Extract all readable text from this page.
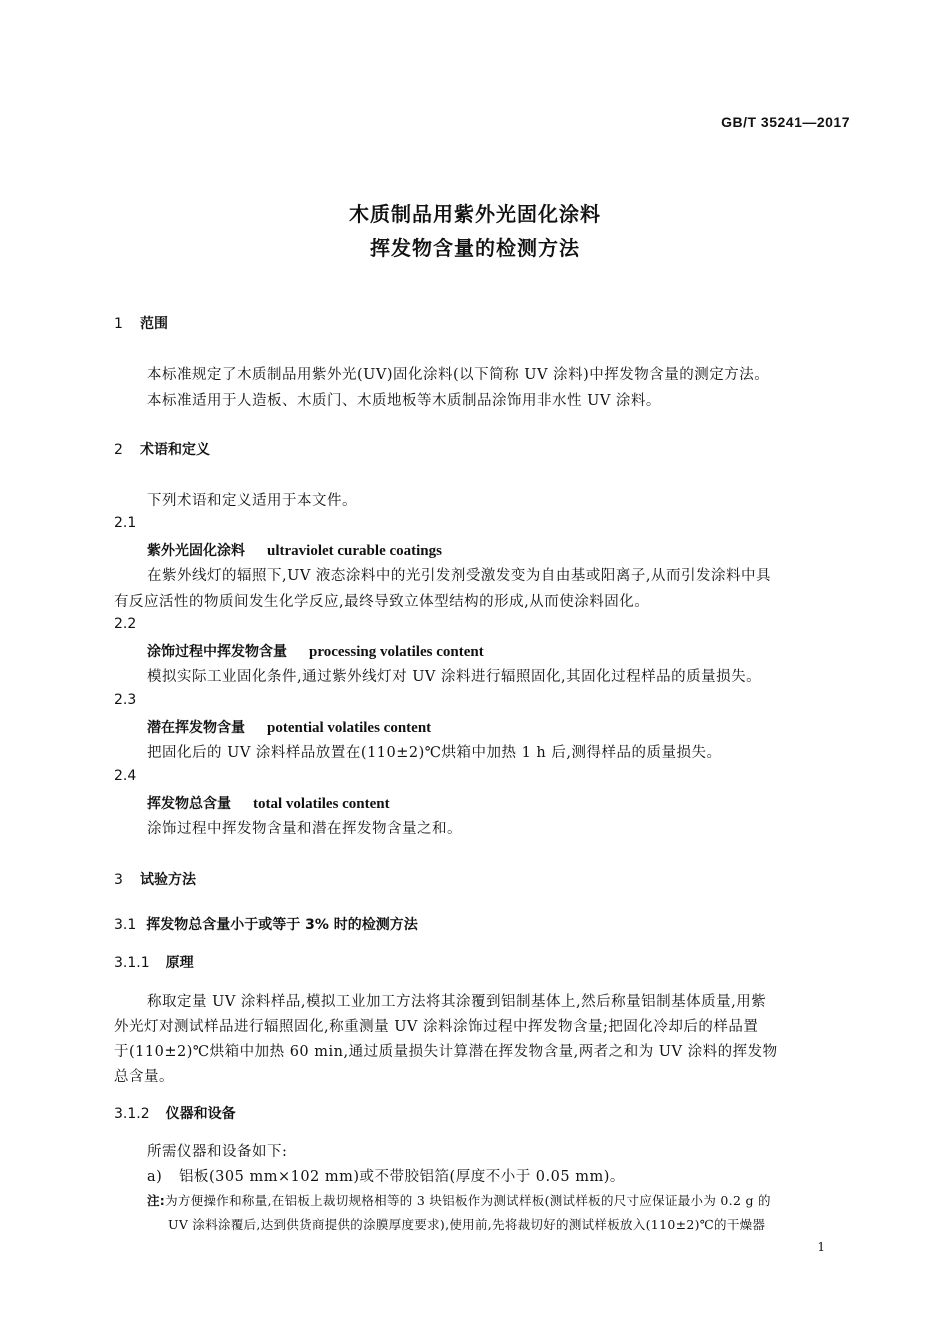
GB/T 35241—2017
木质制品用紫外光固化涂料
挥发物含量的检测方法
1 范围
本标准规定了木质制品用紫外光(UV)固化涂料(以下简称 UV 涂料)中挥发物含量的测定方法。
本标准适用于人造板、木质门、木质地板等木质制品涂饰用非水性 UV 涂料。
2 术语和定义
下列术语和定义适用于本文件。
2.1
紫外光固化涂料 ultraviolet curable coatings
在紫外线灯的辐照下,UV 液态涂料中的光引发剂受激发变为自由基或阳离子,从而引发涂料中具
有反应活性的物质间发生化学反应,最终导致立体型结构的形成,从而使涂料固化。
2.2
涂饰过程中挥发物含量 processing volatiles content
模拟实际工业固化条件,通过紫外线灯对 UV 涂料进行辐照固化,其固化过程样品的质量损失。
2.3
潜在挥发物含量 potential volatiles content
把固化后的 UV 涂料样品放置在(110±2)℃烘箱中加热 1 h 后,测得样品的质量损失。
2.4
挥发物总含量 total volatiles content
涂饰过程中挥发物含量和潜在挥发物含量之和。
3 试验方法
3.1 挥发物总含量小于或等于 3% 时的检测方法
3.1.1 原理
称取定量 UV 涂料样品,模拟工业加工方法将其涂覆到铝制基体上,然后称量铝制基体质量,用紫
外光灯对测试样品进行辐照固化,称重测量 UV 涂料涂饰过程中挥发物含量;把固化冷却后的样品置
于(110±2)℃烘箱中加热 60 min,通过质量损失计算潜在挥发物含量,两者之和为 UV 涂料的挥发物
总含量。
3.1.2 仪器和设备
所需仪器和设备如下:
a) 铝板(305 mm×102 mm)或不带胶铝箔(厚度不小于 0.05 mm)。
注:为方便操作和称量,在铝板上裁切规格相等的 3 块铝板作为测试样板(测试样板的尺寸应保证最小为 0.2 g 的
UV 涂料涂覆后,达到供货商提供的涂膜厚度要求),使用前,先将裁切好的测试样板放入(110±2)℃的干燥器
1
